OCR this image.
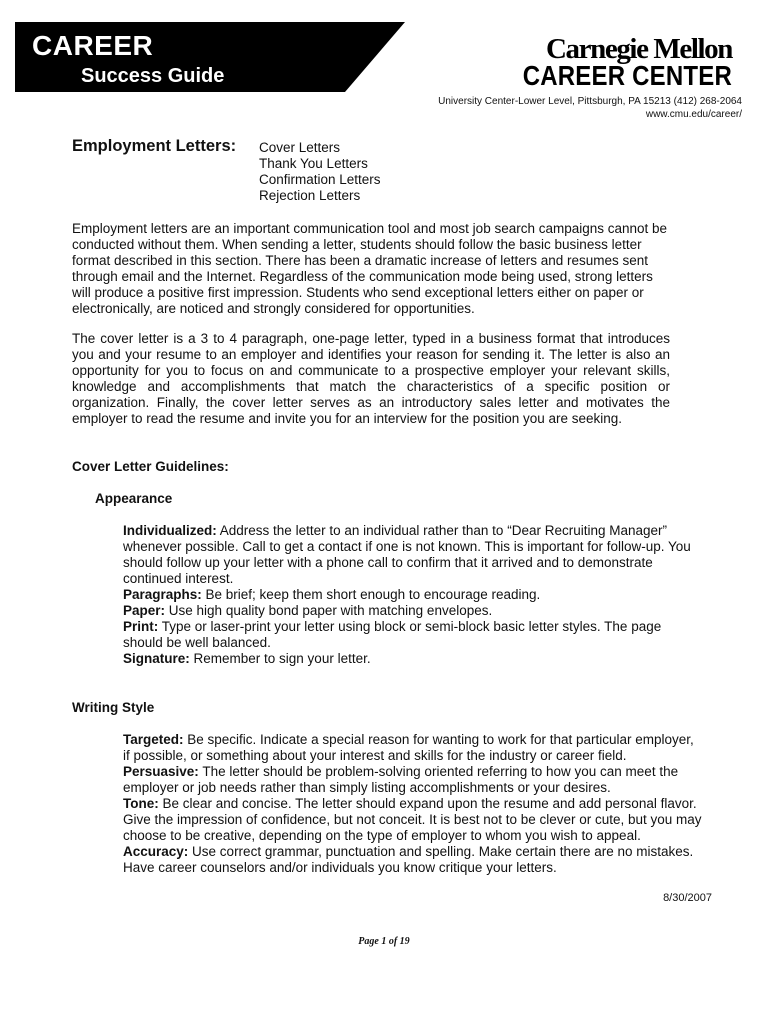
CAREER
Success Guide
Carnegie Mellon
CAREER CENTER
University Center-Lower Level, Pittsburgh, PA 15213 (412) 268-2064
www.cmu.edu/career/
Employment Letters: Cover Letters
Thank You Letters
Confirmation Letters
Rejection Letters
Employment letters are an important communication tool and most job search campaigns cannot be conducted without them. When sending a letter, students should follow the basic business letter format described in this section. There has been a dramatic increase of letters and resumes sent through email and the Internet. Regardless of the communication mode being used, strong letters will produce a positive first impression. Students who send exceptional letters either on paper or electronically, are noticed and strongly considered for opportunities.
The cover letter is a 3 to 4 paragraph, one-page letter, typed in a business format that introduces you and your resume to an employer and identifies your reason for sending it. The letter is also an opportunity for you to focus on and communicate to a prospective employer your relevant skills, knowledge and accomplishments that match the characteristics of a specific position or organization. Finally, the cover letter serves as an introductory sales letter and motivates the employer to read the resume and invite you for an interview for the position you are seeking.
Cover Letter Guidelines:
Appearance

Individualized: Address the letter to an individual rather than to “Dear Recruiting Manager” whenever possible. Call to get a contact if one is not known. This is important for follow-up. You should follow up your letter with a phone call to confirm that it arrived and to demonstrate continued interest.

Paragraphs: Be brief; keep them short enough to encourage reading.

Paper: Use high quality bond paper with matching envelopes.

Print: Type or laser-print your letter using block or semi-block basic letter styles. The page should be well balanced.

Signature: Remember to sign your letter.

Writing Style

Targeted: Be specific. Indicate a special reason for wanting to work for that particular employer, if possible, or something about your interest and skills for the industry or career field.

Persuasive: The letter should be problem-solving oriented referring to how you can meet the employer or job needs rather than simply listing accomplishments or your desires.

Tone: Be clear and concise. The letter should expand upon the resume and add personal flavor. Give the impression of confidence, but not conceit. It is best not to be clever or cute, but you may choose to be creative, depending on the type of employer to whom you wish to appeal.

Accuracy: Use correct grammar, punctuation and spelling. Make certain there are no mistakes. Have career counselors and/or individuals you know critique your letters.

8/30/2007
Page 1 of 19
